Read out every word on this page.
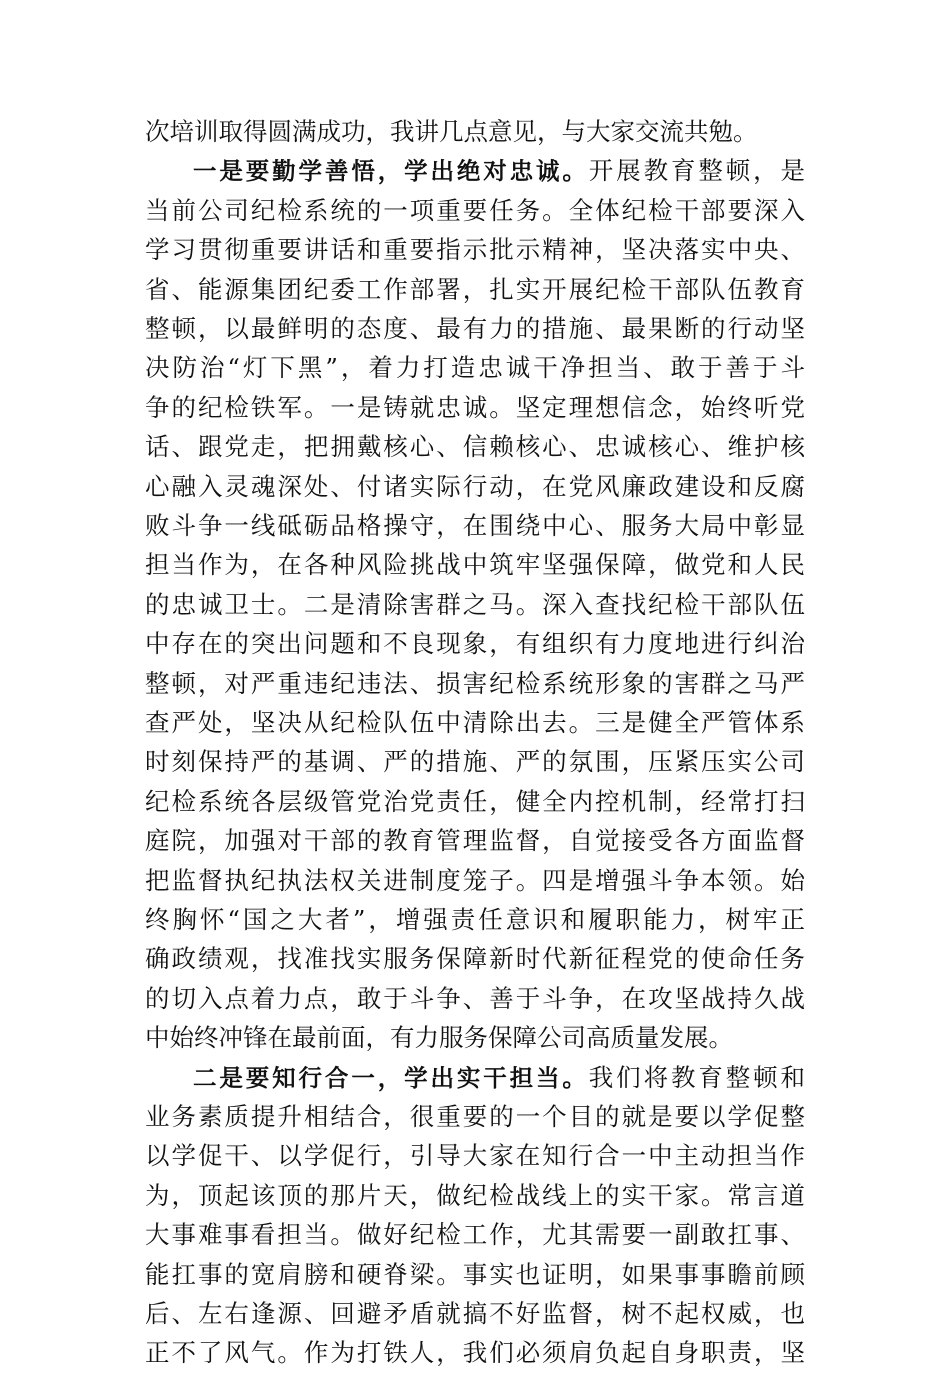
次培训取得圆满成功，我讲几点意见，与大家交流共勉。
一是要勤学善悟，学出绝对忠诚。开展教育整顿，是
当前公司纪检系统的一项重要任务。全体纪检干部要深入
学习贯彻重要讲话和重要指示批示精神，坚决落实中央、
省、能源集团纪委工作部署，扎实开展纪检干部队伍教育
整顿，以最鲜明的态度、最有力的措施、最果断的行动坚
决防治“灯下黑”，着力打造忠诚干净担当、敢于善于斗
争的纪检铁军。一是铸就忠诚。坚定理想信念，始终听党
话、跟党走，把拥戴核心、信赖核心、忠诚核心、维护核
心融入灵魂深处、付诸实际行动，在党风廉政建设和反腐
败斗争一线砥砺品格操守，在围绕中心、服务大局中彰显
担当作为，在各种风险挑战中筑牢坚强保障，做党和人民
的忠诚卫士。二是清除害群之马。深入查找纪检干部队伍
中存在的突出问题和不良现象，有组织有力度地进行纠治
整顿，对严重违纪违法、损害纪检系统形象的害群之马严
查严处，坚决从纪检队伍中清除出去。三是健全严管体系
时刻保持严的基调、严的措施、严的氛围，压紧压实公司
纪检系统各层级管党治党责任，健全内控机制，经常打扫
庭院，加强对干部的教育管理监督，自觉接受各方面监督
把监督执纪执法权关进制度笼子。四是增强斗争本领。始
终胸怀“国之大者”，增强责任意识和履职能力，树牢正
确政绩观，找准找实服务保障新时代新征程党的使命任务
的切入点着力点，敢于斗争、善于斗争，在攻坚战持久战
中始终冲锋在最前面，有力服务保障公司高质量发展。
二是要知行合一，学出实干担当。我们将教育整顿和
业务素质提升相结合，很重要的一个目的就是要以学促整
以学促干、以学促行，引导大家在知行合一中主动担当作
为，顶起该顶的那片天，做纪检战线上的实干家。常言道
大事难事看担当。做好纪检工作，尤其需要一副敢扛事、
能扛事的宽肩膀和硬脊梁。事实也证明，如果事事瞻前顾
后、左右逢源、回避矛盾就搞不好监督，树不起权威，也
正不了风气。作为打铁人，我们必须肩负起自身职责，坚
